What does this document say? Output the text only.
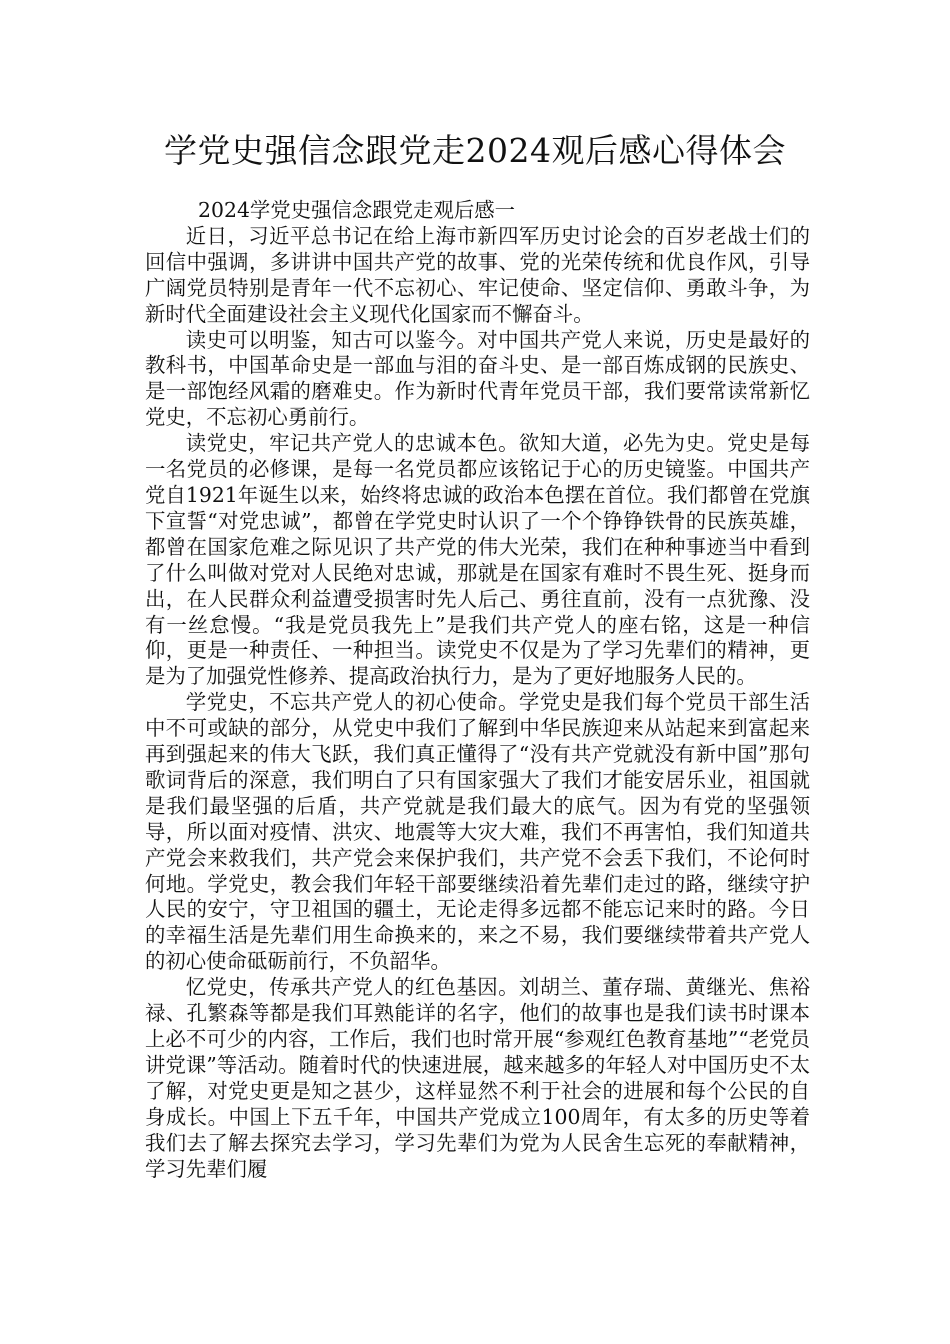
学党史强信念跟党走2024观后感心得体会

2024学党史强信念跟党走观后感一

近日，习近平总书记在给上海市新四军历史讨论会的百岁老战士们的回信中强调，多讲讲中国共产党的故事、党的光荣传统和优良作风，引导广阔党员特别是青年一代不忘初心、牢记使命、坚定信仰、勇敢斗争，为新时代全面建设社会主义现代化国家而不懈奋斗。

读史可以明鉴，知古可以鉴今。对中国共产党人来说，历史是最好的教科书，中国革命史是一部血与泪的奋斗史、是一部百炼成钢的民族史、是一部饱经风霜的磨难史。作为新时代青年党员干部，我们要常读常新忆党史，不忘初心勇前行。

读党史，牢记共产党人的忠诚本色。欲知大道，必先为史。党史是每一名党员的必修课，是每一名党员都应该铭记于心的历史镜鉴。中国共产党自1921年诞生以来，始终将忠诚的政治本色摆在首位。我们都曾在党旗下宣誓“对党忠诚”，都曾在学党史时认识了一个个铮铮铁骨的民族英雄，都曾在国家危难之际见识了共产党的伟大光荣，我们在种种事迹当中看到了什么叫做对党对人民绝对忠诚，那就是在国家有难时不畏生死、挺身而出，在人民群众利益遭受损害时先人后己、勇往直前，没有一点犹豫、没有一丝怠慢。“我是党员我先上”是我们共产党人的座右铭，这是一种信仰，更是一种责任、一种担当。读党史不仅是为了学习先辈们的精神，更是为了加强党性修养、提高政治执行力，是为了更好地服务人民的。

学党史，不忘共产党人的初心使命。学党史是我们每个党员干部生活中不可或缺的部分，从党史中我们了解到中华民族迎来从站起来到富起来再到强起来的伟大飞跃，我们真正懂得了“没有共产党就没有新中国”那句歌词背后的深意，我们明白了只有国家强大了我们才能安居乐业，祖国就是我们最坚强的后盾，共产党就是我们最大的底气。因为有党的坚强领导，所以面对疫情、洪灾、地震等大灾大难，我们不再害怕，我们知道共产党会来救我们，共产党会来保护我们，共产党不会丢下我们，不论何时何地。学党史，教会我们年轻干部要继续沿着先辈们走过的路，继续守护人民的安宁，守卫祖国的疆土，无论走得多远都不能忘记来时的路。今日的幸福生活是先辈们用生命换来的，来之不易，我们要继续带着共产党人的初心使命砥砺前行，不负韶华。

忆党史，传承共产党人的红色基因。刘胡兰、董存瑞、黄继光、焦裕禄、孔繁森等都是我们耳熟能详的名字，他们的故事也是我们读书时课本上必不可少的内容，工作后，我们也时常开展“参观红色教育基地”“老党员讲党课”等活动。随着时代的快速进展，越来越多的年轻人对中国历史不太了解，对党史更是知之甚少，这样显然不利于社会的进展和每个公民的自身成长。中国上下五千年，中国共产党成立100周年，有太多的历史等着我们去了解去探究去学习，学习先辈们为党为人民舍生忘死的奉献精神，学习先辈们履
